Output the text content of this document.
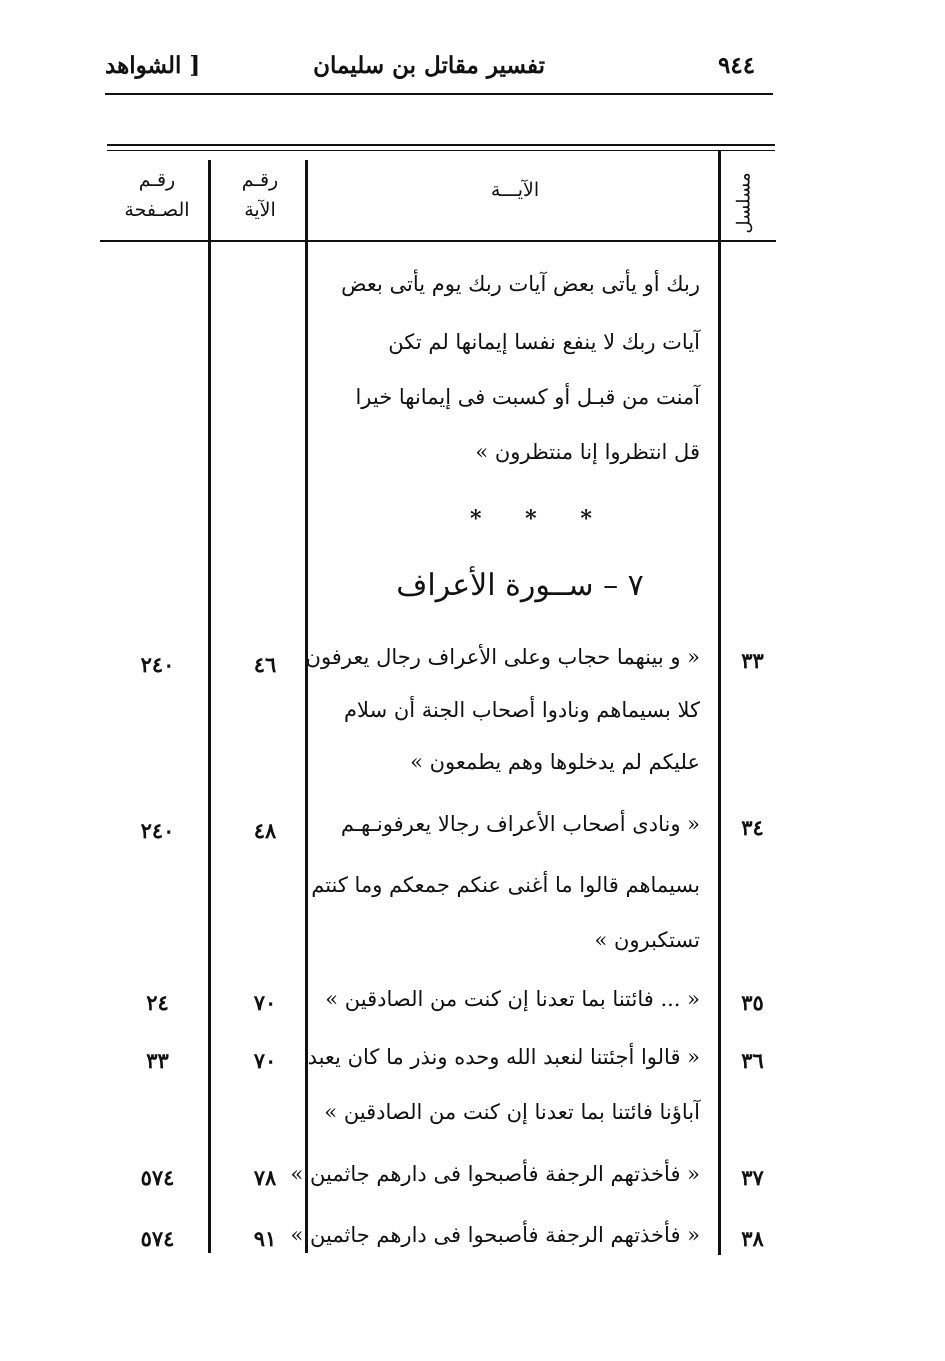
٩٤٤
تفسير مقاتل بن سليمان
[ الشواهد
مسلسل
الآيـــة
رقـم
الآية
رقـم
الصـفحة
ربك أو يأتى بعض آيات ربك يوم يأتى بعض
آيات ربك لا ينفع نفسا إيمانها لم تكن
آمنت من قبـل أو كسبت فى إيمانها خيرا
قل انتظروا إنا منتظرون »
* * *
٧ – ســورة الأعراف
٣٣
« و بينهما حجاب وعلى الأعراف رجال يعرفون
كلا بسيماهم ونادوا أصحاب الجنة أن سلام
عليكم لم يدخلوها وهم يطمعون »
٤٦
٢٤٠
٣٤
« ونادى أصحاب الأعراف رجالا يعرفونـهـم
بسيماهم قالوا ما أغنى عنكم جمعكم وما كنتم
تستكبرون »
٤٨
٢٤٠
٣٥
« ... فائتنا بما تعدنا إن كنت من الصادقين »
٧٠
٢٤
٣٦
« قالوا أجئتنا لنعبد الله وحده ونذر ما كان يعبد
آباؤنا فائتنا بما تعدنا إن كنت من الصادقين »
٧٠
٣٣
٣٧
« فأخذتهم الرجفة فأصبحوا فى دارهم جاثمين »
٧٨
٥٧٤
٣٨
« فأخذتهم الرجفة فأصبحوا فى دارهم جاثمين »
٩١
٥٧٤
